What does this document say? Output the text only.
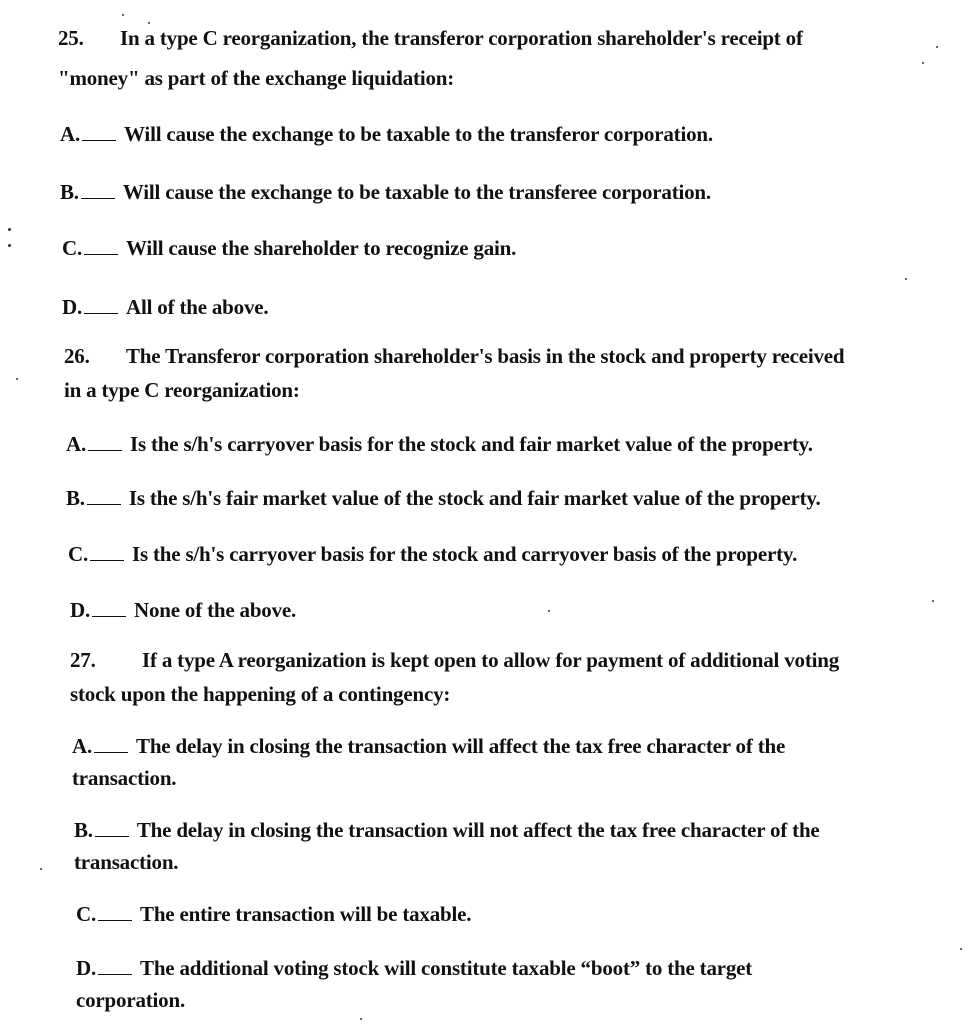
25. In a type C reorganization, the transferor corporation shareholder's receipt of
"money" as part of the exchange liquidation:
A. Will cause the exchange to be taxable to the transferor corporation.
B. Will cause the exchange to be taxable to the transferee corporation.
C. Will cause the shareholder to recognize gain.
D. All of the above.
26. The Transferor corporation shareholder's basis in the stock and property received
in a type C reorganization:
A. Is the s/h's carryover basis for the stock and fair market value of the property.
B. Is the s/h's fair market value of the stock and fair market value of the property.
C. Is the s/h's carryover basis for the stock and carryover basis of the property.
D. None of the above.
27. If a type A reorganization is kept open to allow for payment of additional voting
stock upon the happening of a contingency:
A. The delay in closing the transaction will affect the tax free character of the
transaction.
B. The delay in closing the transaction will not affect the tax free character of the
transaction.
C. The entire transaction will be taxable.
D. The additional voting stock will constitute taxable “boot” to the target
corporation.
